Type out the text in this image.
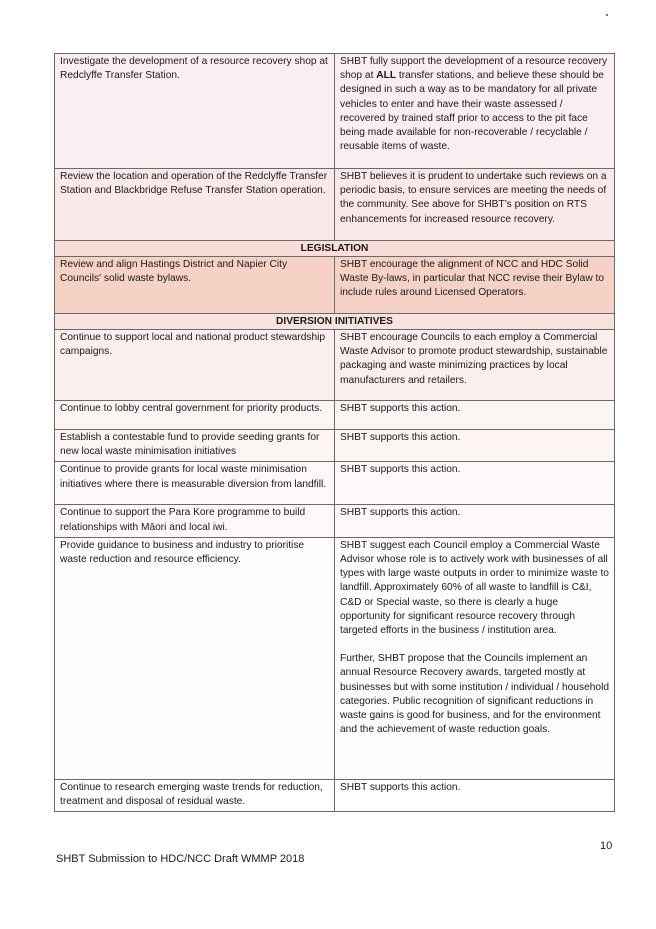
Investigate the development of a resource recovery shop at Redclyffe Transfer Station.	SHBT fully support the development of a resource recovery shop at ALL transfer stations, and believe these should be designed in such a way as to be mandatory for all private vehicles to enter and have their waste assessed / recovered by trained staff prior to access to the pit face being made available for non-recoverable / recyclable / reusable items of waste.
Review the location and operation of the Redclyffe Transfer Station and Blackbridge Refuse Transfer Station operation.	SHBT believes it is prudent to undertake such reviews on a periodic basis, to ensure services are meeting the needs of the community. See above for SHBT’s position on RTS enhancements for increased resource recovery.
LEGISLATION	
Review and align Hastings District and Napier City Councils' solid waste bylaws.	SHBT encourage the alignment of NCC and HDC Solid Waste By-laws, in particular that NCC revise their Bylaw to include rules around Licensed Operators.
DIVERSION INITIATIVES	
Continue to support local and national product stewardship campaigns.	SHBT encourage Councils to each employ a Commercial Waste Advisor to promote product stewardship, sustainable packaging and waste minimizing practices by local manufacturers and retailers.
Continue to lobby central government for priority products.	SHBT supports this action.
Establish a contestable fund to provide seeding grants for new local waste minimisation initiatives	SHBT supports this action.
Continue to provide grants for local waste minimisation initiatives where there is measurable diversion from landfill.	SHBT supports this action.
Continue to support the Para Kore programme to build relationships with Māori and local iwi.	SHBT supports this action.
Provide guidance to business and industry to prioritise waste reduction and resource efficiency.	SHBT suggest each Council employ a Commercial Waste Advisor whose role is to actively work with businesses of all types with large waste outputs in order to minimize waste to landfill. Approximately 60% of all waste to landfill is C&I, C&D or Special waste, so there is clearly a huge opportunity for significant resource recovery through targeted efforts in the business / institution area.
Further, SHBT propose that the Councils implement an annual Resource Recovery awards, targeted mostly at businesses but with some institution / individual / household categories. Public recognition of significant reductions in waste gains is good for business, and for the environment and the achievement of waste reduction goals.
Continue to research emerging waste trends for reduction, treatment and disposal of residual waste.	SHBT supports this action.
10
SHBT Submission to HDC/NCC Draft WMMP 2018
